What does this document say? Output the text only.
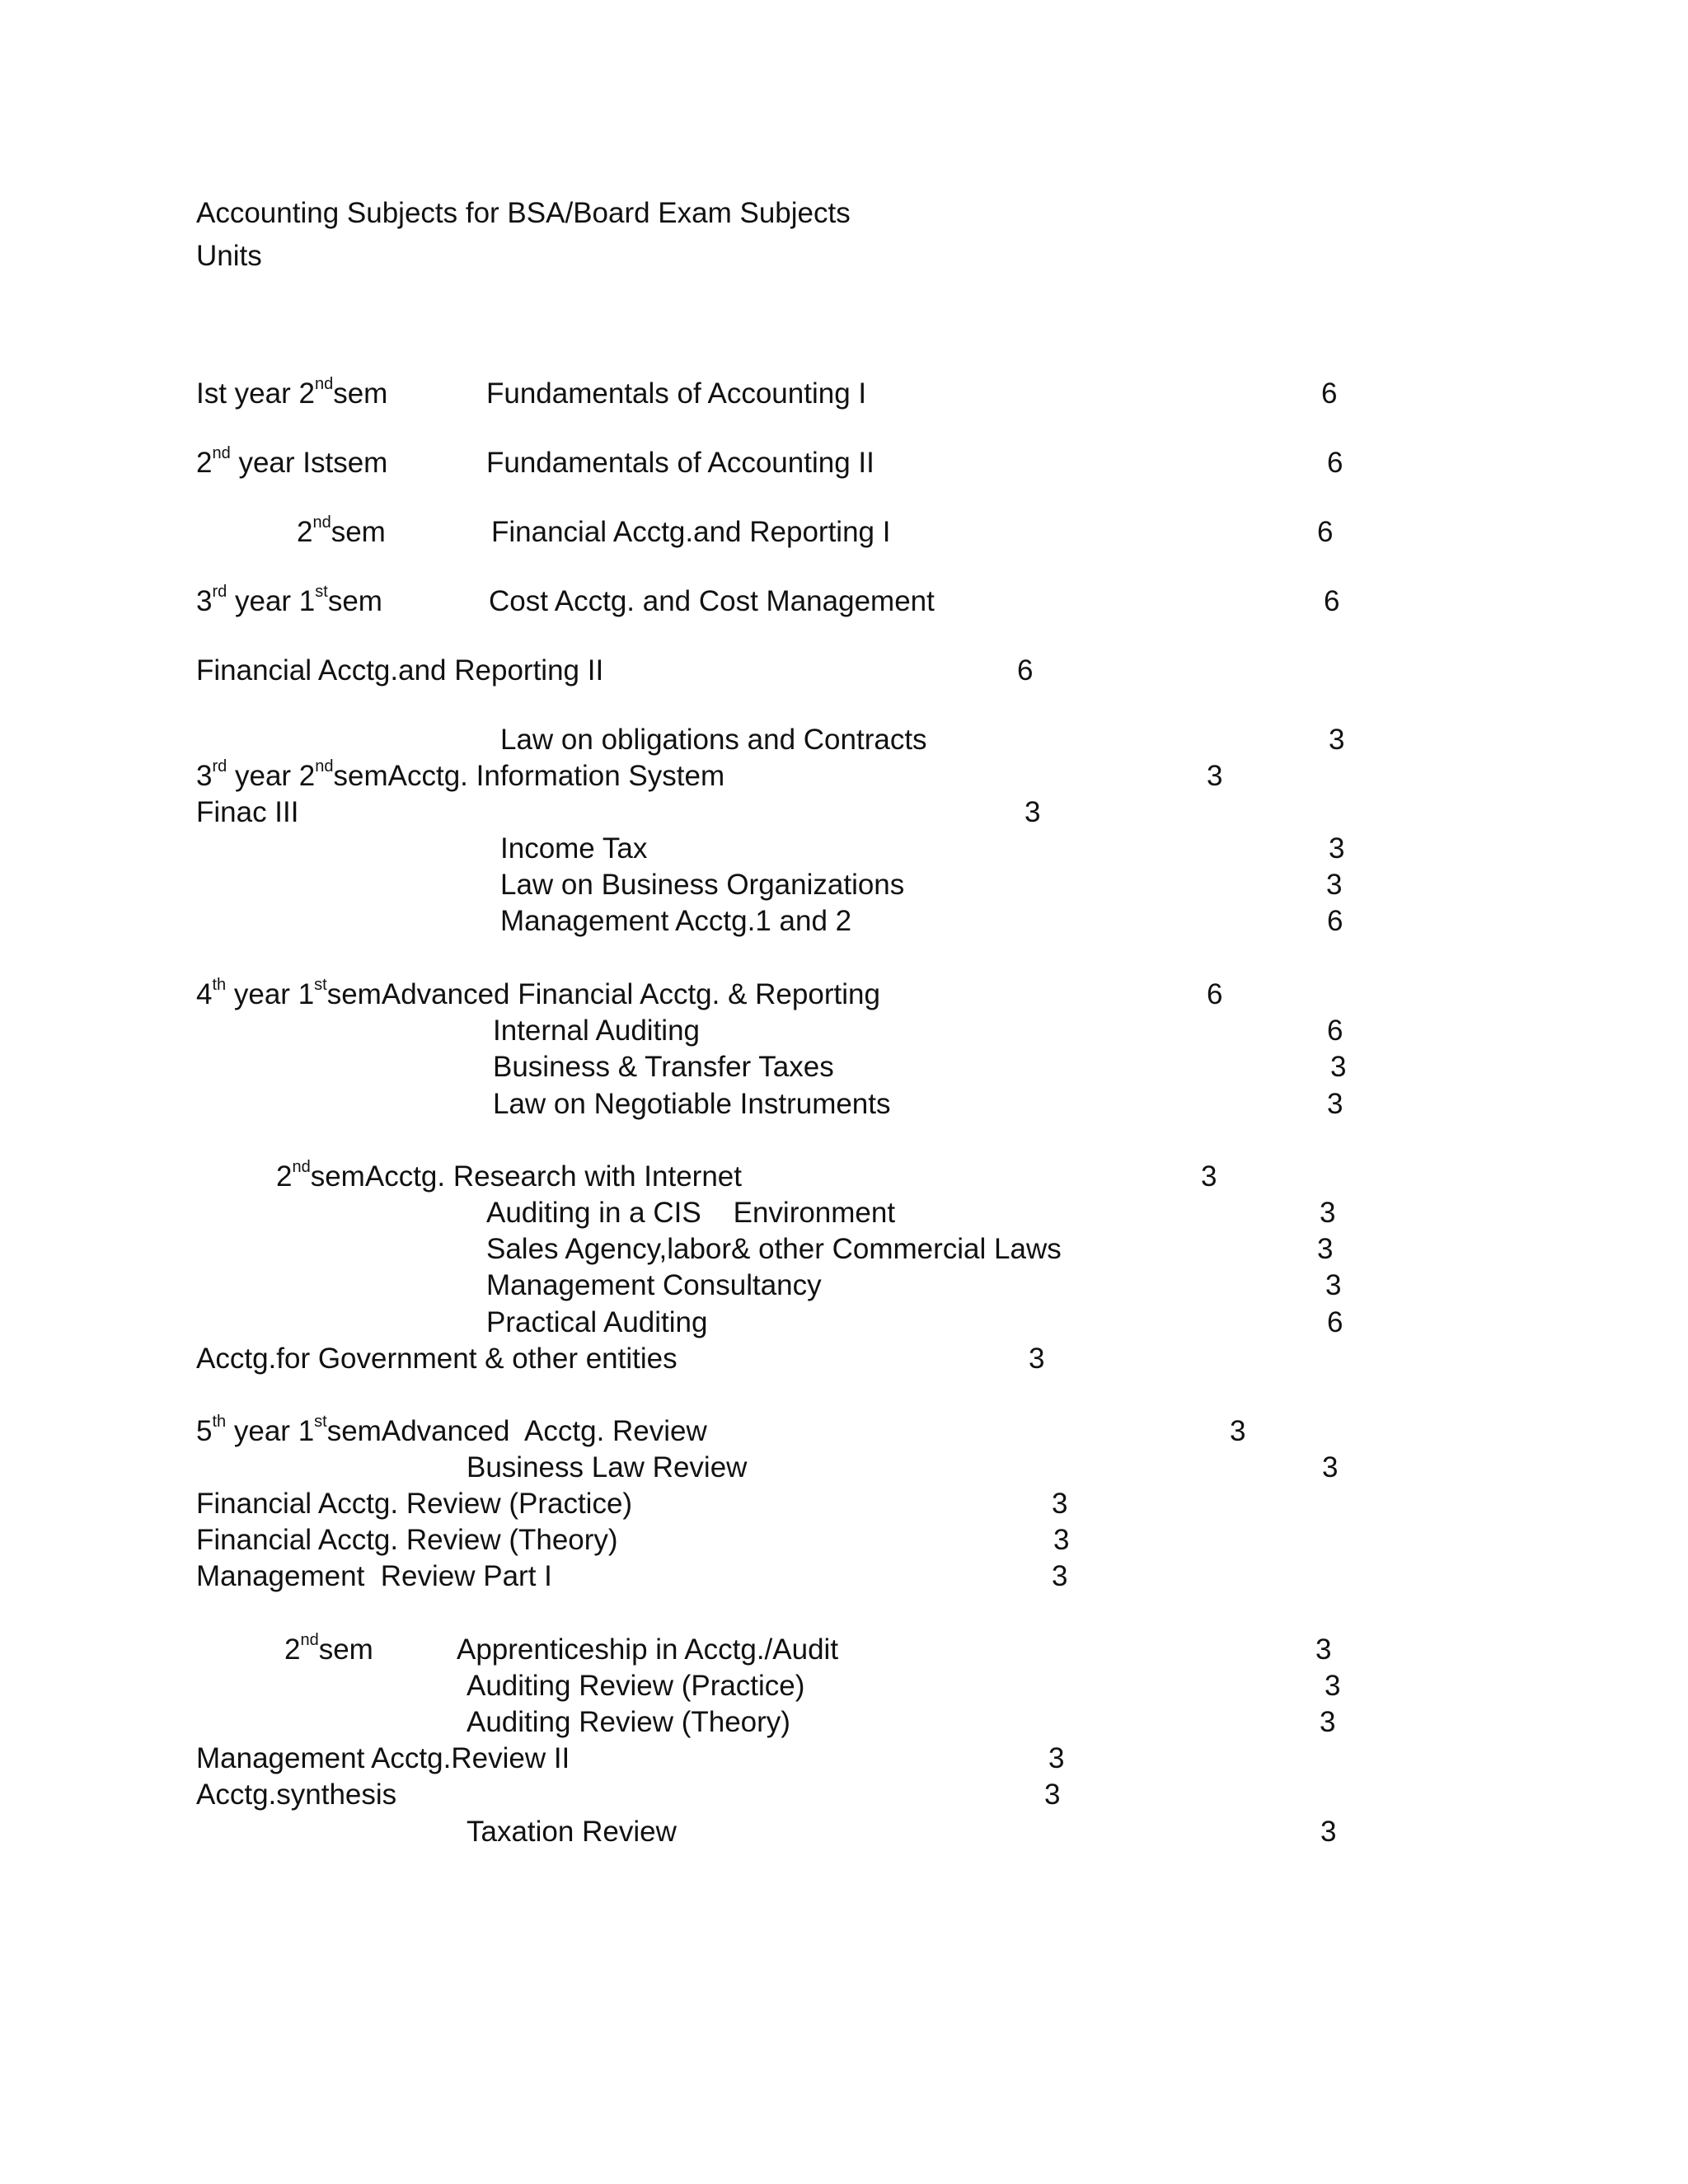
Accounting Subjects for BSA/Board Exam Subjects
Units
Ist year 2ndsem	Fundamentals of Accounting I	6
2nd year Istsem	Fundamentals of Accounting II	6
2ndsem	Financial Acctg.and Reporting I	6
3rd year 1stsem	Cost Acctg. and Cost Management	6
Financial Acctg.and Reporting II	6
Law on obligations and Contracts	3
3rd year 2ndsemAcctg. Information System	3
Finac III	3
Income Tax	3
Law on Business Organizations	3
Management Acctg.1 and 2	6
4th year 1stsemAdvanced Financial Acctg. & Reporting	6
Internal Auditing	6
Business & Transfer Taxes	3
Law on Negotiable Instruments	3
2ndsemAcctg. Research with Internet	3
Auditing in a CIS    Environment	3
Sales Agency,labor& other Commercial Laws	3
Management Consultancy	3
Practical Auditing	6
Acctg.for Government & other entities	3
5th year 1stsemAdvanced  Acctg. Review	3
Business Law Review	3
Financial Acctg. Review (Practice)	3
Financial Acctg. Review (Theory)	3
Management  Review Part I	3
2ndsem	Apprenticeship in Acctg./Audit	3
Auditing Review (Practice)	3
Auditing Review (Theory)	3
Management Acctg.Review II	3
Acctg.synthesis	3
Taxation Review	3
